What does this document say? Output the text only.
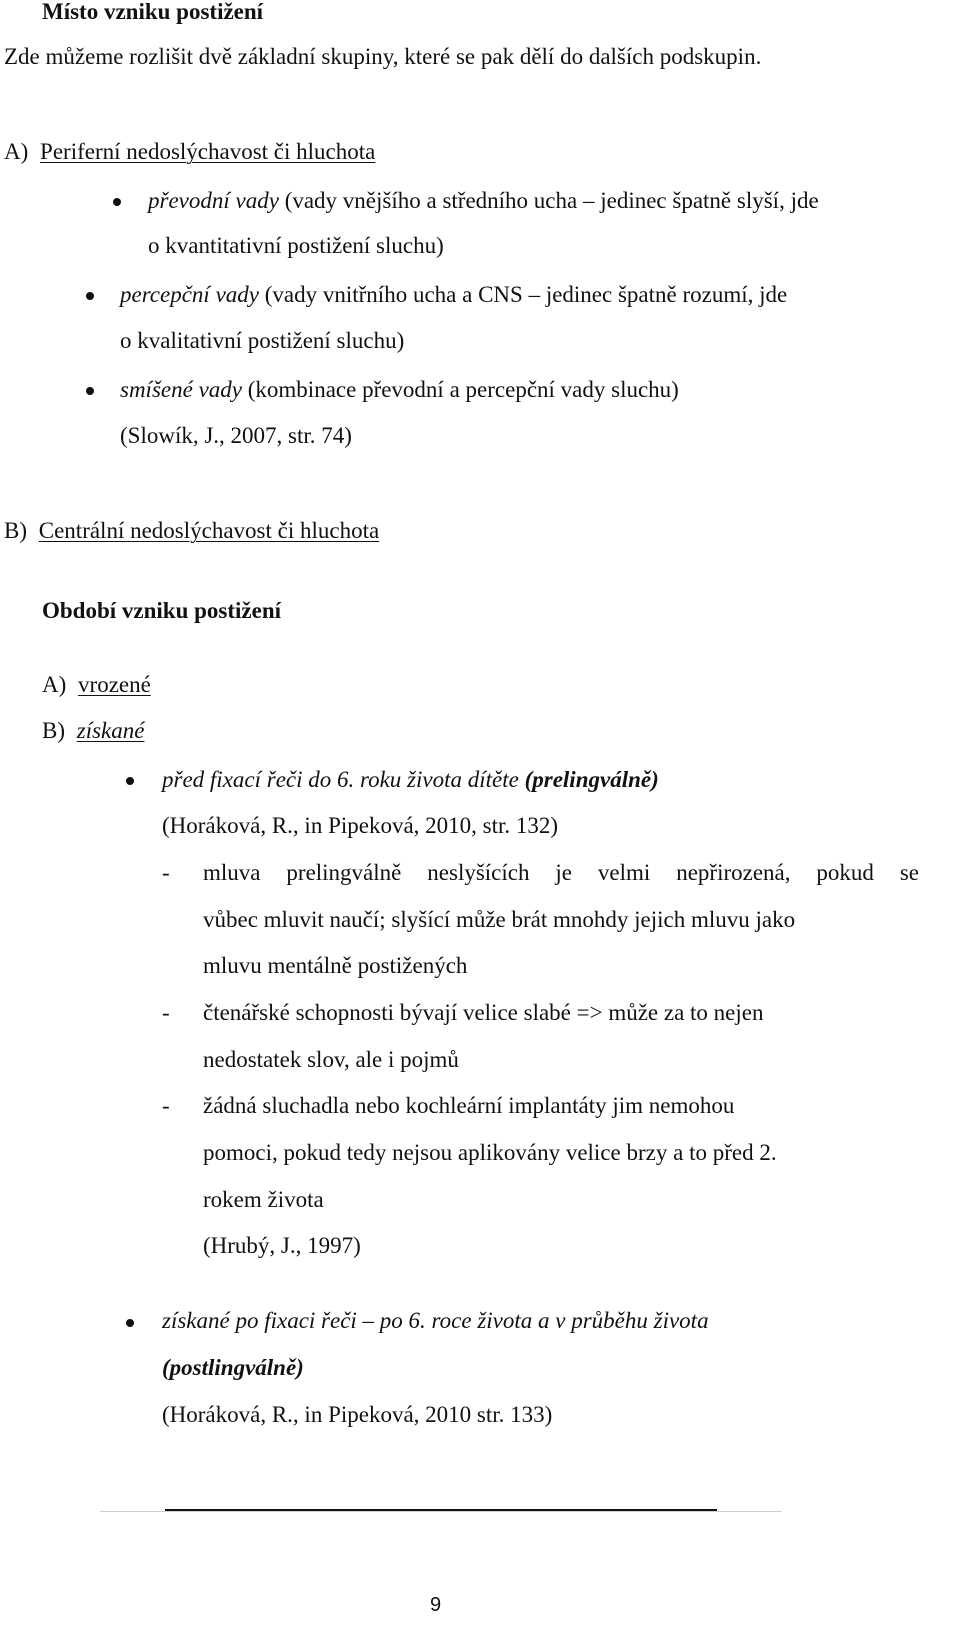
Místo vzniku postižení
Zde můžeme rozlišit dvě základní skupiny, které se pak dělí do dalších podskupin.
A) Periferní nedoslýchavost či hluchota
převodní vady (vady vnějšího a středního ucha – jedinec špatně slyší, jde
o kvantitativní postižení sluchu)
percepční vady (vady vnitřního ucha a CNS – jedinec špatně rozumí, jde
o kvalitativní postižení sluchu)
smíšené vady (kombinace převodní a percepční vady sluchu)
(Slowík, J., 2007, str. 74)
B) Centrální nedoslýchavost či hluchota
Období vzniku postižení
A) vrozené
B) získané
před fixací řeči do 6. roku života dítěte (prelingválně)
(Horáková, R., in Pipeková, 2010, str. 132)
- mluva prelingválně neslyšících je velmi nepřirozená, pokud se
vůbec mluvit naučí; slyšící může brát mnohdy jejich mluvu jako
mluvu mentálně postižených
- čtenářské schopnosti bývají velice slabé => může za to nejen
nedostatek slov, ale i pojmů
- žádná sluchadla nebo kochleární implantáty jim nemohou
pomoci, pokud tedy nejsou aplikovány velice brzy a to před 2.
rokem života
(Hrubý, J., 1997)
získané po fixaci řeči – po 6. roce života a v průběhu života
(postlingválně)
(Horáková, R., in Pipeková, 2010 str. 133)
9
